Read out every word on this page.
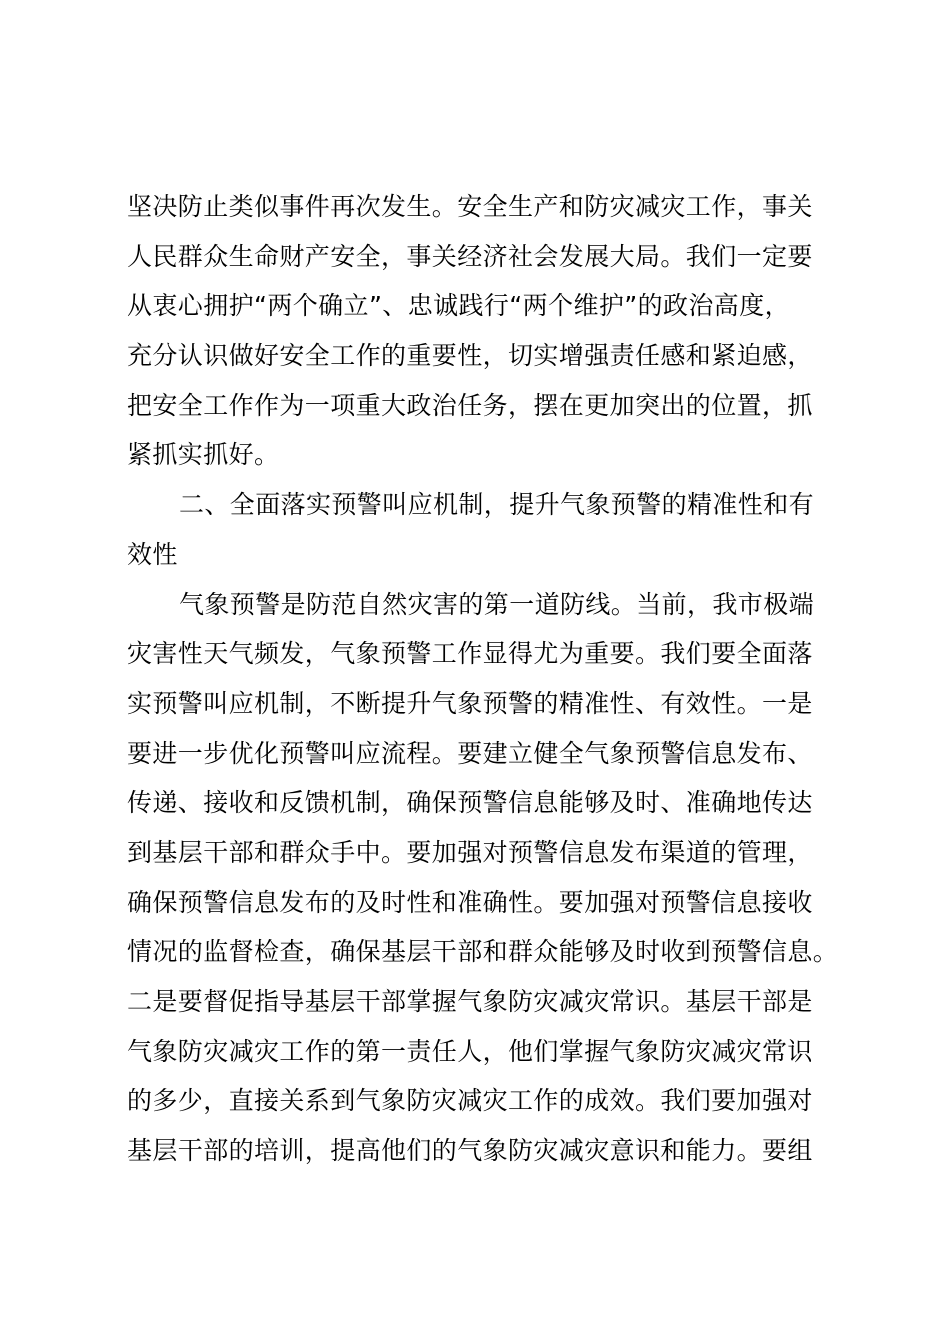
坚决防止类似事件再次发生。安全生产和防灾减灾工作，事关
人民群众生命财产安全，事关经济社会发展大局。我们一定要
从衷心拥护“两个确立”、忠诚践行“两个维护”的政治高度，
充分认识做好安全工作的重要性，切实增强责任感和紧迫感，
把安全工作作为一项重大政治任务，摆在更加突出的位置，抓
紧抓实抓好。
二、全面落实预警叫应机制，提升气象预警的精准性和有
效性
气象预警是防范自然灾害的第一道防线。当前，我市极端
灾害性天气频发，气象预警工作显得尤为重要。我们要全面落
实预警叫应机制，不断提升气象预警的精准性、有效性。一是
要进一步优化预警叫应流程。要建立健全气象预警信息发布、
传递、接收和反馈机制，确保预警信息能够及时、准确地传达
到基层干部和群众手中。要加强对预警信息发布渠道的管理，
确保预警信息发布的及时性和准确性。要加强对预警信息接收
情况的监督检查，确保基层干部和群众能够及时收到预警信息。
二是要督促指导基层干部掌握气象防灾减灾常识。基层干部是
气象防灾减灾工作的第一责任人，他们掌握气象防灾减灾常识
的多少，直接关系到气象防灾减灾工作的成效。我们要加强对
基层干部的培训，提高他们的气象防灾减灾意识和能力。要组
